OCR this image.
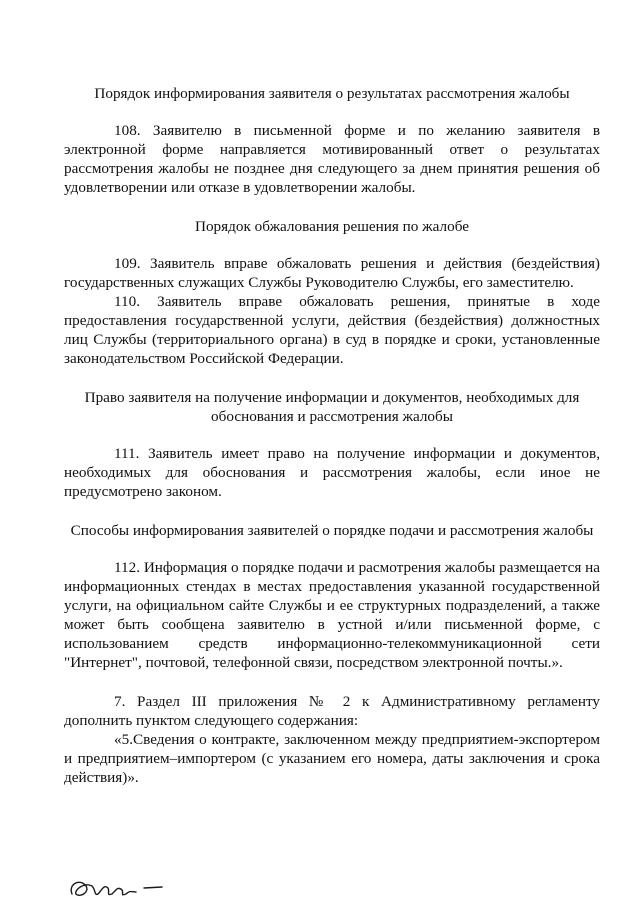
Порядок информирования заявителя о результатах рассмотрения жалобы

108. Заявителю в письменной форме и по желанию заявителя в электронной форме направляется мотивированный ответ о результатах рассмотрения жалобы не позднее дня следующего за днем принятия решения об удовлетворении или отказе в удовлетворении жалобы.

Порядок обжалования решения по жалобе

109. Заявитель вправе обжаловать решения и действия (бездействия) государственных служащих Службы Руководителю Службы, его заместителю.

110. Заявитель вправе обжаловать решения, принятые в ходе предоставления государственной услуги, действия (бездействия) должностных лиц Службы (территориального органа) в суд в порядке и сроки, установленные законодательством Российской Федерации.

Право заявителя на получение информации и документов, необходимых для обоснования и рассмотрения жалобы

111. Заявитель имеет право на получение информации и документов, необходимых для обоснования и рассмотрения жалобы, если иное не предусмотрено законом.

Способы информирования заявителей о порядке подачи и рассмотрения жалобы

112. Информация о порядке подачи и расмотрения жалобы размещается на информационных стендах в местах предоставления указанной государственной услуги, на официальном сайте Службы и ее структурных подразделений, а также может быть сообщена заявителю в устной и/или письменной форме, с использованием средств информационно-телекоммуникационной сети "Интернет", почтовой, телефонной связи, посредством электронной почты.».

7. Раздел III приложения № 2 к Административному регламенту дополнить пунктом следующего содержания:

«5.Сведения о контракте, заключенном между предприятием-экспортером и предприятием–импортером (с указанием его номера, даты заключения и срока действия)».
